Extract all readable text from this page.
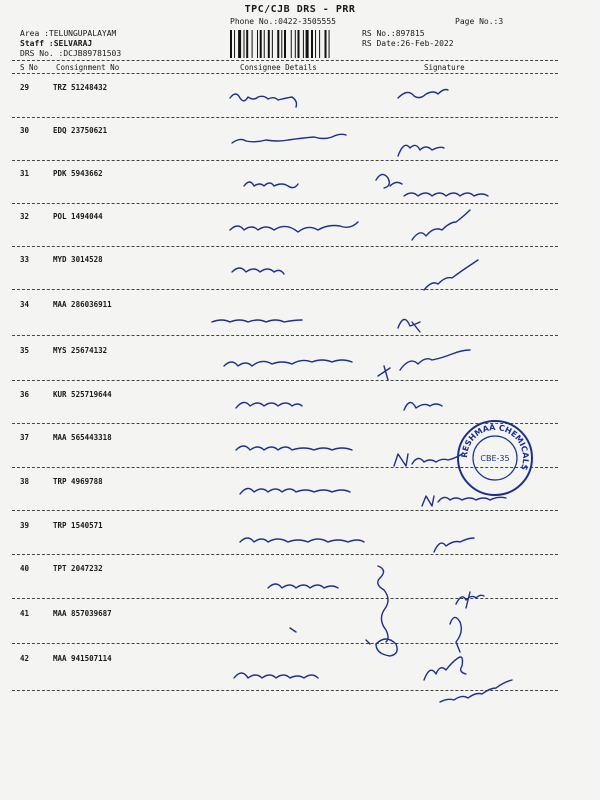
TPC/CJB DRS - PRR
Phone No.:0422-3505555	Page No.:3
Area :TELUNGUPALAYAM
Staff :SELVARAJ
DRS No. :DCJB89781503
RS No.:897815
RS Date:26-Feb-2022
S No Consignment No	Consignee Details	Signature
29	TRZ 51248432
30	EDQ 23750621
31	PDK 5943662
32	POL 1494044
33	MYD 3014528
34	MAA 286036911
35	MYS 25674132
36	KUR 525719644
37	MAA 565443318
38	TRP 4969788
39	TRP 1540571
40	TPT 2047232
41	MAA 857039687
42	MAA 941507114
RESHMAA CHEMICALS
CBE-35
